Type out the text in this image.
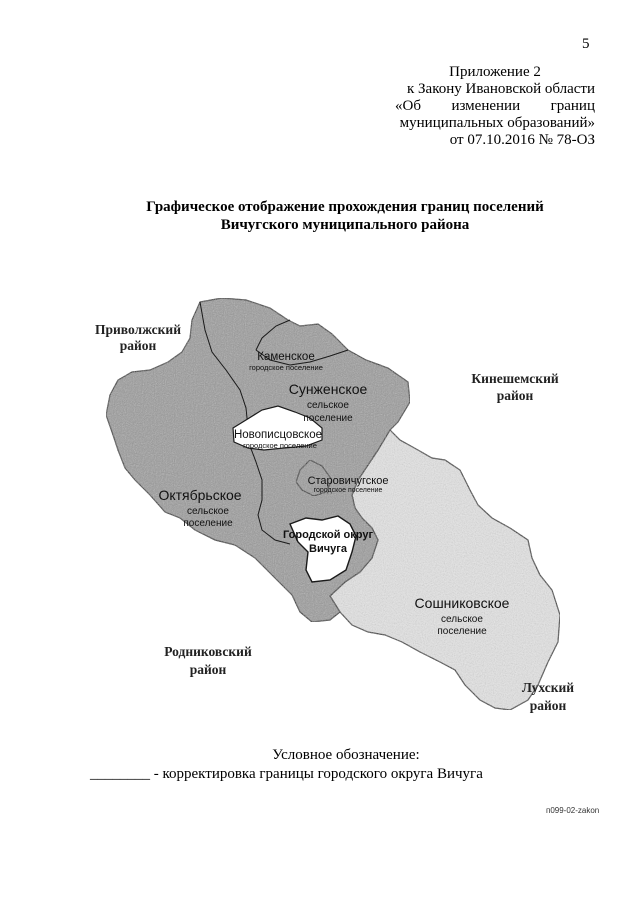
5
Приложение 2
к Закону Ивановской области
«Об изменении границ
муниципальных образований»
от 07.10.2016 № 78-ОЗ
Графическое отображение прохождения границ поселений
Вичугского муниципального района
Приволжский
район
Кинешемский
район
Родниковский
район
Лухский
район
Каменское
городское поселение
Сунженское
сельское
поселение
Новописцовское
городское поселение
Старовичугское
городское поселение
Октябрьское
сельское
поселение
Городской округ
Вичуга
Сошниковское
сельское
поселение
Условное обозначение:
________ - корректировка границы городского округа Вичуга
п099-02-zakon
